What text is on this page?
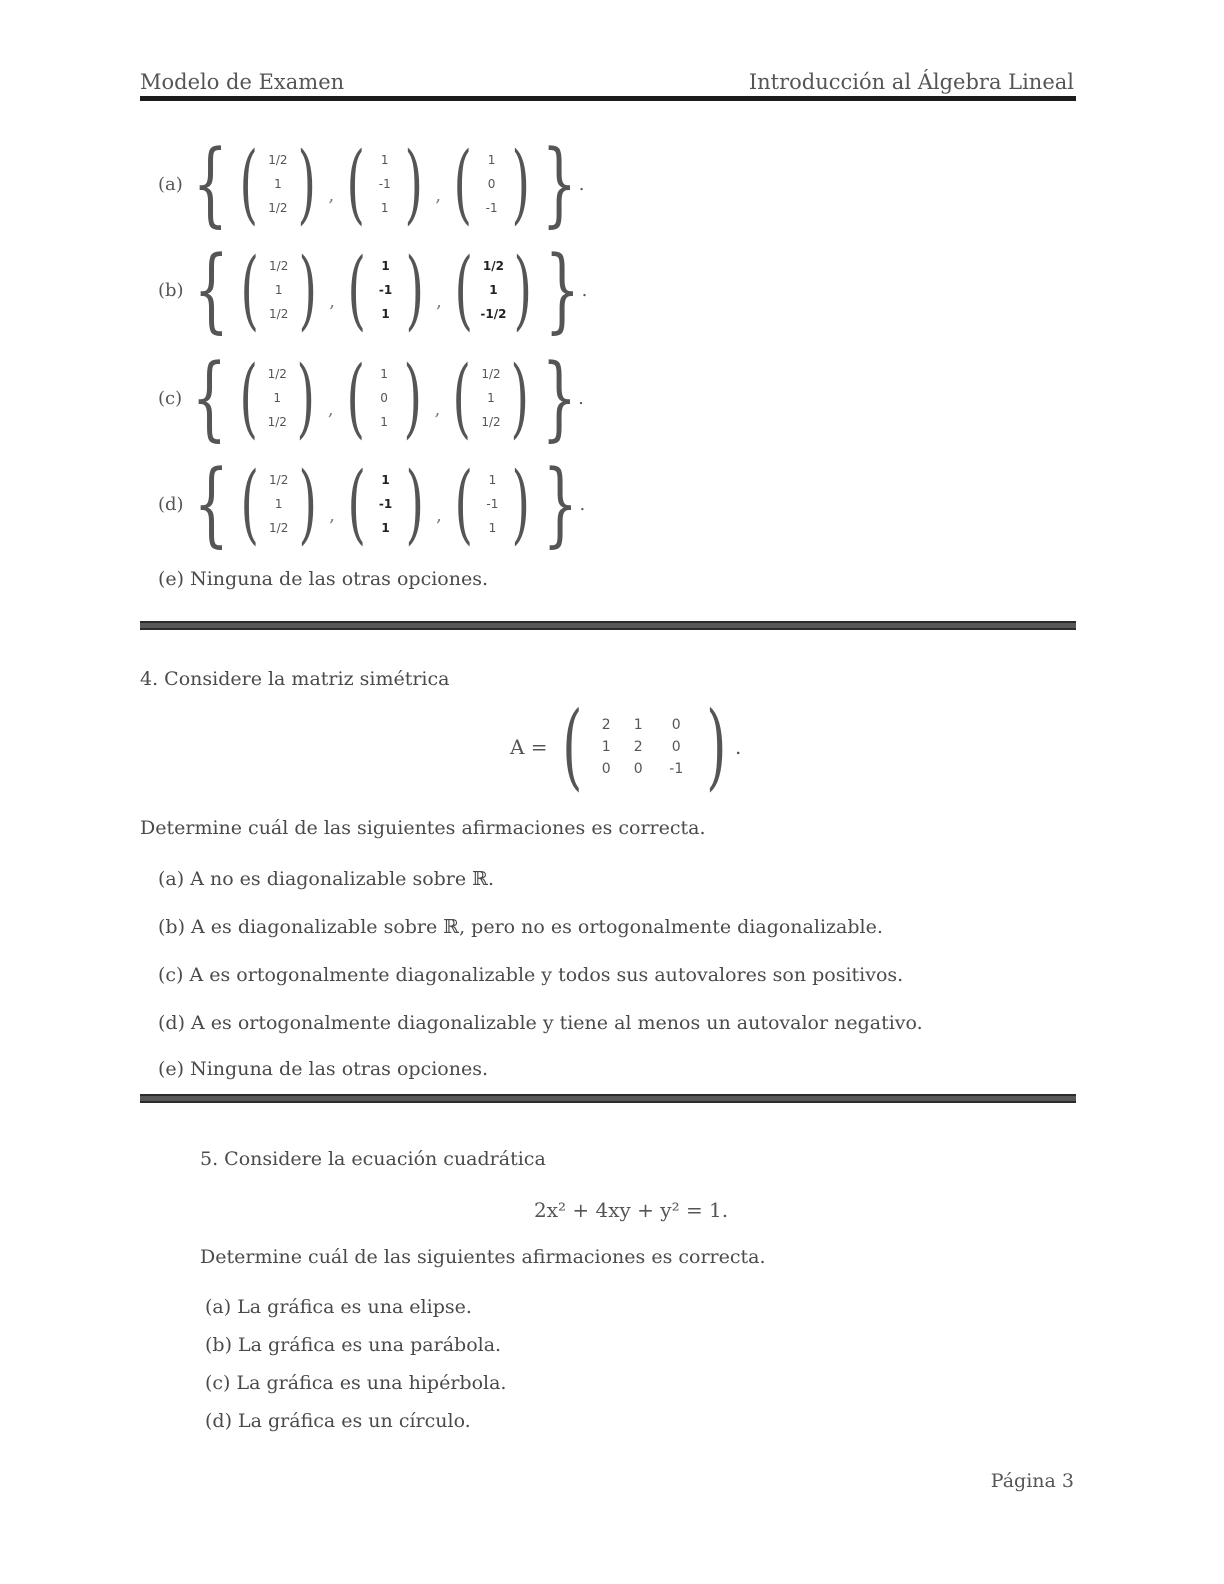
Modelo de Examen	Introducción al Álgebra Lineal
(a) { ( 1/2
1
1/2 ) , ( 1
-1
1 ) , ( 1
0
-1 ) } .
(b) { ( 1/2
1
1/2 ) , ( 1
-1
1 ) , ( 1/2
1
-1/2 ) } .
(c) { ( 1/2
1
1/2 ) , ( 1
0
1 ) , ( 1/2
1
1/2 ) } .
(d) { ( 1/2
1
1/2 ) , ( 1
-1
1 ) , ( 1
-1
1 ) } .
(e) Ninguna de las otras opciones.
4. Considere la matriz simétrica
A = (	2	1	0
1	2	0
0	0	-1 ) .
Determine cuál de las siguientes afirmaciones es correcta.
(a) A no es diagonalizable sobre ℝ.
(b) A es diagonalizable sobre ℝ, pero no es ortogonalmente diagonalizable.
(c) A es ortogonalmente diagonalizable y todos sus autovalores son positivos.
(d) A es ortogonalmente diagonalizable y tiene al menos un autovalor negativo.
(e) Ninguna de las otras opciones.
5. Considere la ecuación cuadrática
2x² + 4xy + y² = 1.
Determine cuál de las siguientes afirmaciones es correcta.
(a) La gráfica es una elipse.
(b) La gráfica es una parábola.
(c) La gráfica es una hipérbola.
(d) La gráfica es un círculo.
Página 3
